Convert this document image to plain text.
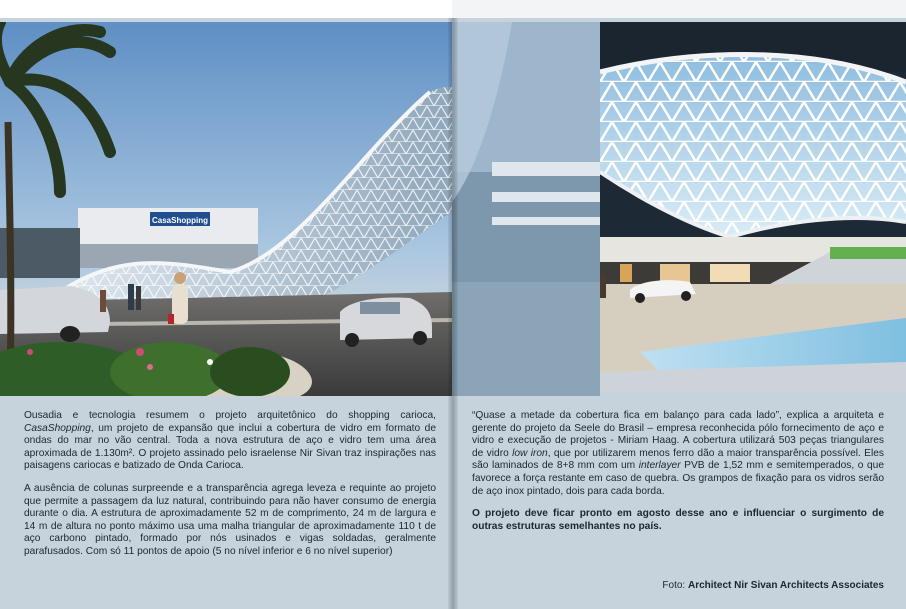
CasaShopping

Ousadia e tecnologia resumem o projeto arquitetônico do shopping carioca, CasaShopping, um projeto de expansão que inclui a cobertura de vidro em formato de ondas do mar no vão central. Toda a nova estrutura de aço e vidro tem uma área aproximada de 1.130m². O projeto assinado pelo israelense Nir Sivan traz inspirações nas paisagens cariocas e batizado de Onda Carioca.

A ausência de colunas surpreende e a transparência agrega leveza e requinte ao projeto que permite a passagem da luz natural, contribuindo para não haver consumo de energia durante o dia. A estrutura de aproximadamente 52 m de comprimento, 24 m de largura e 14 m de altura no ponto máximo usa uma malha triangular de aproximadamente 110 t de aço carbono pintado, formado por nós usinados e vigas soldadas, geralmente parafusados. Com só 11 pontos de apoio (5 no nível inferior e 6 no nível superior)

“Quase a metade da cobertura fica em balanço para cada lado”, explica a arquiteta e gerente do projeto da Seele do Brasil – empresa reconhecida pólo fornecimento de aço e vidro e execução de projetos - Miriam Haag. A cobertura utilizará 503 peças triangulares de vidro low iron, que por utilizarem menos ferro dão a maior transparência possível. Eles são laminados de 8+8 mm com um interlayer PVB de 1,52 mm e semitemperados, o que favorece a força restante em caso de quebra. Os grampos de fixação para os vidros serão de aço inox pintado, dois para cada borda.

O projeto deve ficar pronto em agosto desse ano e influenciar o surgimento de outras estruturas semelhantes no país.

Foto: Architect Nir Sivan Architects Associates
